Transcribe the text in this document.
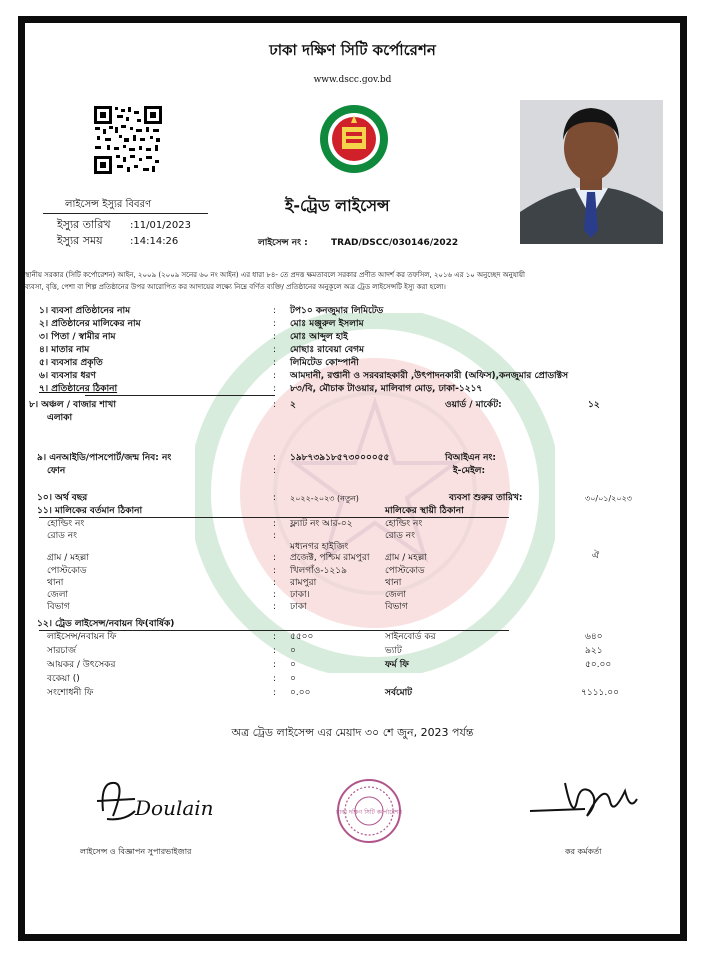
ঢাকা দক্ষিণ সিটি কর্পোরেশন
www.dscc.gov.bd
লাইসেন্স ইস্যুর বিবরণ
ইস্যুর তারিখ :11/01/2023
ইস্যুর সময়	:14:14:26
ই-ট্রেড লাইসেন্স
লাইসেন্স নং :	TRAD/DSCC/030146/2022
স্থানীয় সরকার (সিটি কর্পোরেশন) আইন, ২০০৯ (২০০৯ সনের ৬০ নং আইন) এর ধারা ৮৪- তে প্রদত্ত ক্ষমতাবলে সরকার প্রণীত আদর্শ কর তফসিল, ২০১৬ এর ১০ অনুচ্ছেদ অনুযায়ী
ব্যবসা, বৃত্তি, পেশা বা শিল্প প্রতিষ্ঠানের উপর আরোপিত কর আদায়ের লক্ষ্যে নিম্নে বর্ণিত ব্যক্তি/ প্রতিষ্ঠানের অনুকূলে অত্র ট্রেড লাইসেন্সটি ইস্যু করা হলো।
১। ব্যবসা প্রতিষ্ঠানের নাম	: টপ১০ কনজুমার লিমিটেড
২। প্রতিষ্ঠানের মালিকের নাম	: মোঃ মঞ্জুরুল ইসলাম
৩। পিতা / স্বামীর নাম	: মোঃ আব্দুল হাই
৪। মাতার নাম	: মোছাঃ রাবেয়া বেগম
৫। ব্যবসার প্রকৃতি	: লিমিটেড কোম্পানী
৬। ব্যবসার ধরণ	: আমদানী, রপ্তানী ও সরবরাহকারী ,উৎপাদনকারী (অফিস),কনজুমার প্রোডাক্টস
৭। প্রতিষ্ঠানের ঠিকানা	: ৮৩/বি, মৌচাক টাওয়ার, মালিবাগ মোড়, ঢাকা-১২১৭
৮। অঞ্চল / বাজার শাখা	: ২	ওয়ার্ড / মার্কেট:	১২
এলাকা
৯। এনআইডি/পাসপোর্ট/জন্ম নিব: নং	: ১৯৮৭৩৯১৮৫৭৩০০০০৫৫	বিআইএন নং:
ফোন	:	ই-মেইল:
১০। অর্থ বছর	: ২০২২-২০২৩ (নতুন)	ব্যবসা শুরুর তারিখ:	৩০/০১/২০২৩
১১। মালিকের বর্তমান ঠিকানা	মালিকের স্থায়ী ঠিকানা
হোল্ডিং নং	: ফ্ল্যাট নং আর-০২	হোল্ডিং নং
রোড নং	:	রোড নং
মধ্যনগর হাইজিং
গ্রাম / মহল্লা	: প্রজেক্ট, পশ্চিম রামপুরা গ্রাম / মহল্লা	ঐ
পোস্টকোড	: খিলগাঁও-১২১৯	পোস্টকোড
থানা	: রামপুরা	থানা
জেলা	: ঢাকা।	জেলা
বিভাগ	: ঢাকা	বিভাগ
১২। ট্রেড লাইসেন্স/নবায়ন ফি(বার্ষিক)
লাইসেন্স/নবায়ন ফি	: ৫৫০০	সাইনবোর্ড কর	৬৪০
সারচার্জ	: ০	ভ্যাট	৯২১
আয়কর / উৎসেকর	: ০	ফর্ম ফি	৫০.০০
বকেয়া ()	: ০
সংশোধনী ফি	: ০.০০	সর্বমোট	৭১১১.০০
অত্র ট্রেড লাইসেন্স এর মেয়াদ ৩০ শে জুন, 2023 পর্যন্ত
Doulain
লাইসেন্স ও বিজ্ঞাপন সুপারভাইজার
ঢাকা দক্ষিণ সিটি কর্পোরেশন
কর কর্মকর্তা
